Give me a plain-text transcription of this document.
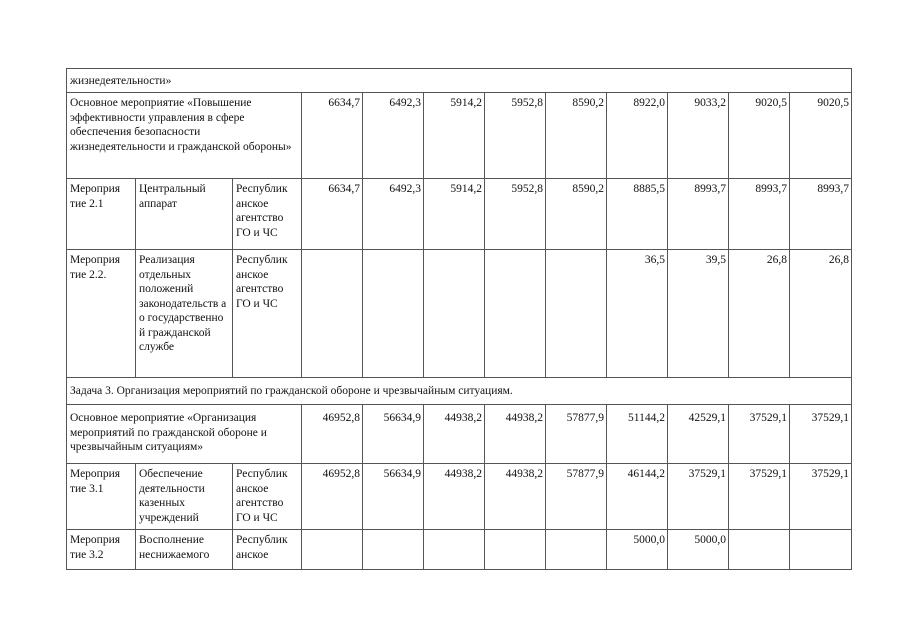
жизнедеятельности»											
Основное мероприятие «Повышение эффективности управления в сфере обеспечения безопасности жизнедеятельности и гражданской обороны»			6634,7	6492,3	5914,2	5952,8	8590,2	8922,0	9033,2	9020,5	9020,5
Мероприя тие 2.1	Центральный аппарат	Республик анское агентство ГО и ЧС	6634,7	6492,3	5914,2	5952,8	8590,2	8885,5	8993,7	8993,7	8993,7
Мероприя тие 2.2.	Реализация отдельных положений законодательств а о государственно й гражданской службе	Республик анское агентство ГО и ЧС						36,5	39,5	26,8	26,8
Задача 3. Организация мероприятий по гражданской обороне и чрезвычайным ситуациям.											
Основное мероприятие «Организация мероприятий по гражданской обороне и чрезвычайным ситуациям»			46952,8	56634,9	44938,2	44938,2	57877,9	51144,2	42529,1	37529,1	37529,1
Мероприя тие 3.1	Обеспечение деятельности казенных учреждений	Республик анское агентство ГО и ЧС	46952,8	56634,9	44938,2	44938,2	57877,9	46144,2	37529,1	37529,1	37529,1
Мероприя тие 3.2	Восполнение неснижаемого	Республик анское						5000,0	5000,0		
